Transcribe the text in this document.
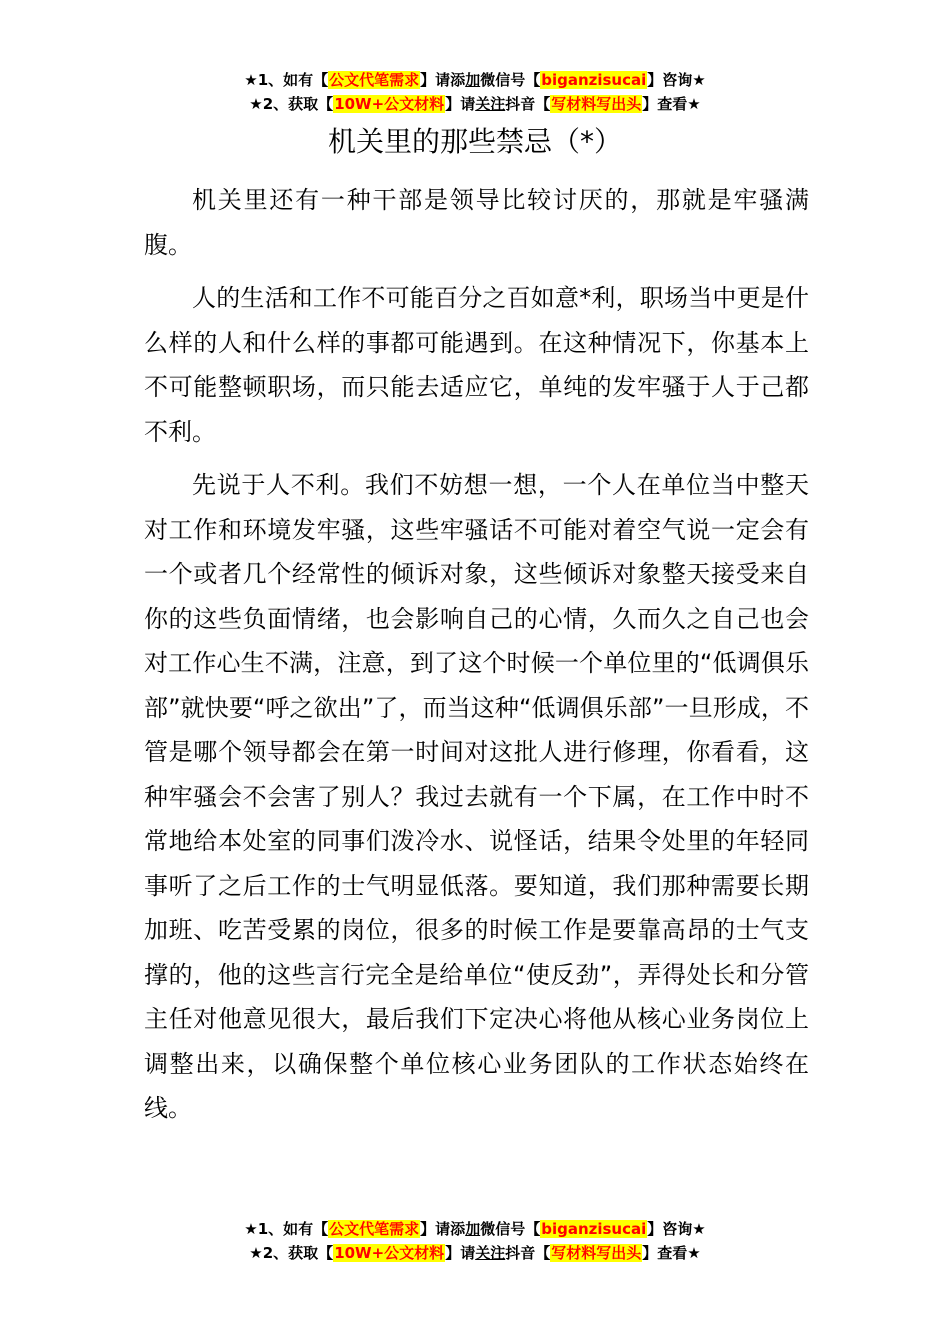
★1、如有【公文代笔需求】请添加微信号【biganzisucai】咨询★
★2、获取【10W+公文材料】请关注抖音【写材料写出头】查看★
机关里的那些禁忌（*）

机关里还有一种干部是领导比较讨厌的，那就是牢骚满腹。

人的生活和工作不可能百分之百如意*利，职场当中更是什么样的人和什么样的事都可能遇到。在这种情况下，你基本上不可能整顿职场，而只能去适应它，单纯的发牢骚于人于己都不利。

先说于人不利。我们不妨想一想，一个人在单位当中整天对工作和环境发牢骚，这些牢骚话不可能对着空气说一定会有一个或者几个经常性的倾诉对象，这些倾诉对象整天接受来自你的这些负面情绪，也会影响自己的心情，久而久之自己也会对工作心生不满，注意，到了这个时候一个单位里的“低调俱乐部”就快要“呼之欲出”了，而当这种“低调俱乐部”一旦形成，不管是哪个领导都会在第一时间对这批人进行修理，你看看，这种牢骚会不会害了别人？我过去就有一个下属，在工作中时不常地给本处室的同事们泼冷水、说怪话，结果令处里的年轻同事听了之后工作的士气明显低落。要知道，我们那种需要长期加班、吃苦受累的岗位，很多的时候工作是要靠高昂的士气支撑的，他的这些言行完全是给单位“使反劲”，弄得处长和分管主任对他意见很大，最后我们下定决心将他从核心业务岗位上调整出来，以确保整个单位核心业务团队的工作状态始终在线。

★1、如有【公文代笔需求】请添加微信号【biganzisucai】咨询★
★2、获取【10W+公文材料】请关注抖音【写材料写出头】查看★
